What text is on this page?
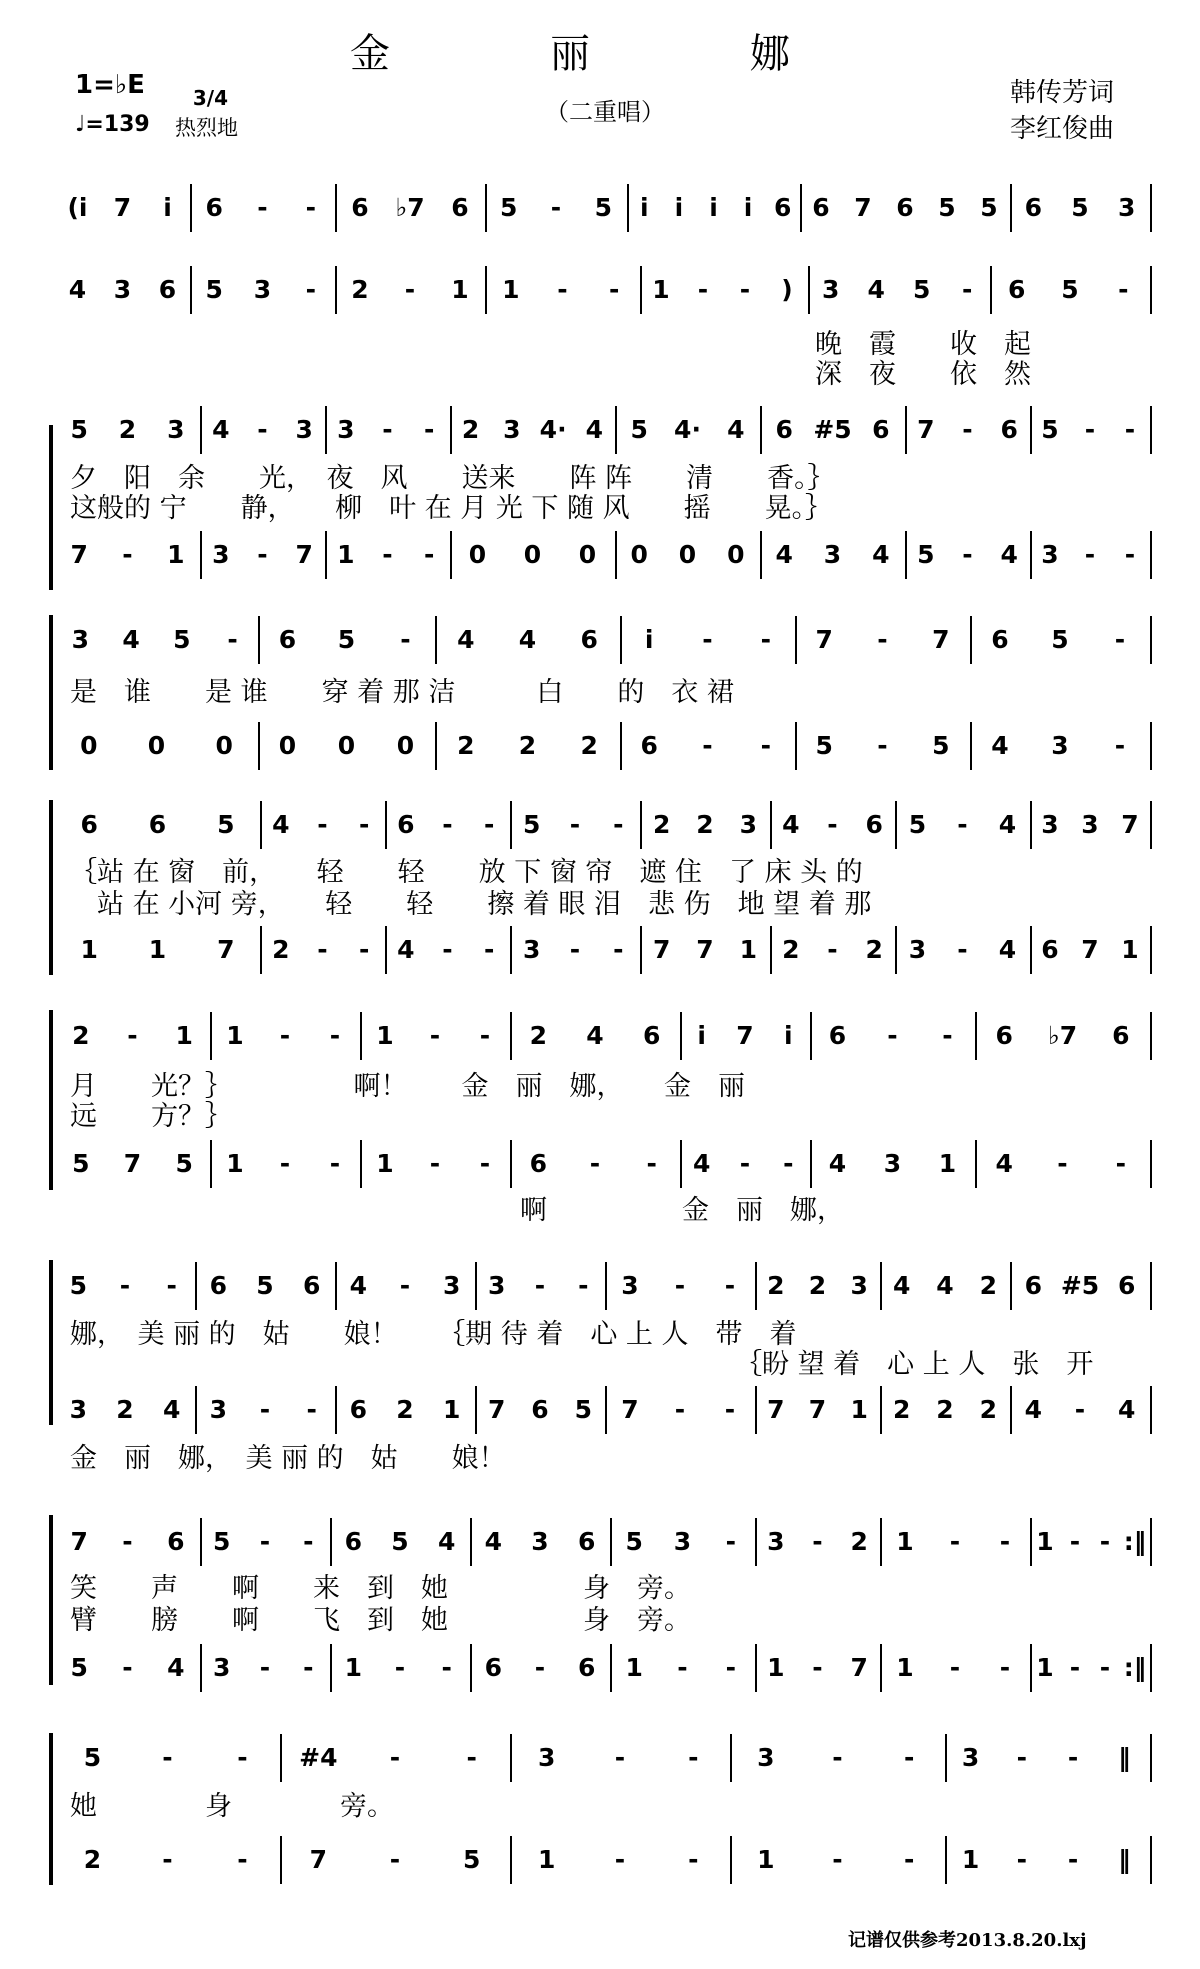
金　丽　娜
1=♭E	3/4

♩=139 热烈地
（二重唱）
韩传芳词
李红俊曲
(i	7	i	6	-	-	6	♭7	6	5	-	5	i	i	i	i 6 6 7 6 5 5	6	5	3
4	3	6	5	3	-	2	-	1	1	-	-	1	-	-	)	3	4	5	-	6	5	-
晚　霞　　收　起
深　夜　　依　然
5	2	3	4	-	3 3	-	-	2 3 4· 4	5	4·	4	6 #5 6	7	-	6 5	-	-
夕　阳　余　　光，　夜　风　　送来　　阵 阵　　清　　香。｝
这般的 宁　　静，　　柳　叶 在 月 光 下 随 风　　摇　　晃。｝
7	-	1	3	-	7 1	-	-	0	0	0	0	0	0	4	3	4	5	-	4 3	-	-
3	4	5	-	6	5	-	4	4	6	i	-	-	7	-	7	6	5	-
是　谁　　是 谁　　穿 着 那 洁　　　白　　的　衣 裙
0	0	0	0	0	0	2	2	2	6	-	-	5	-	5	4	3	-
6	6	5	4	-	-	6	-	-	5	-	-	2	2	3	4	-	6	5	-	4	3 3 7
｛站 在 窗　前，　　轻　　轻　　放 下 窗 帘　遮 住　了 床 头 的
　站 在 小河 旁，　　轻　　轻　　擦 着 眼 泪　悲 伤　地 望 着 那
1	1	7	2	-	-	4	-	-	3	-	-	7	7	1	2	-	2	3	-	4	6 7 1
2	-	1	1	-	-	1	-	-	2	4	6	i	7	i	6	-	-	6	♭7	6
月　　光？｝　　　　　啊！　　金　丽　娜，　　金　丽
远　　方？｝
5	7	5	1	-	-	1	-	-	6	-	-	4	-	-	4	3	1	4	-	-
啊　　　　　金　丽　娜，
5	-	-	6	5	6	4	-	3	3	-	-	3	-	-	2 2 3	4	4	2	6 #5 6
娜，　美 丽 的　姑　　娘！　　｛期 待 着　心 上 人　带　着
｛盼 望 着　心 上 人　张　开
3	2	4	3	-	-	6	2	1	7	6	5	7	-	-	7 7 1	2	2	2	4	-	4
金　丽　娜，　美 丽 的　姑　　娘！
7	-	6	5	-	-	6	5	4	4	3	6	5	3	-	3	-	2	1	-	-	1 - - :‖
笑　　声　　啊　　来　到　她　　　　　身　旁。
臂　　膀　　啊　　飞　到　她　　　　　身　旁。
5	-	4	3	-	-	1	-	-	6	-	6	1	-	-	1	-	7	1	-	-	1 - - :‖
5	-	-	#4	-	-	3	-	-	3	-	-	3	-	-	‖
她　　　　身　　　　旁。
2	-	-	7	-	5	1	-	-	1	-	-	1	-	-	‖
记谱仅供参考2013.8.20.lxj
